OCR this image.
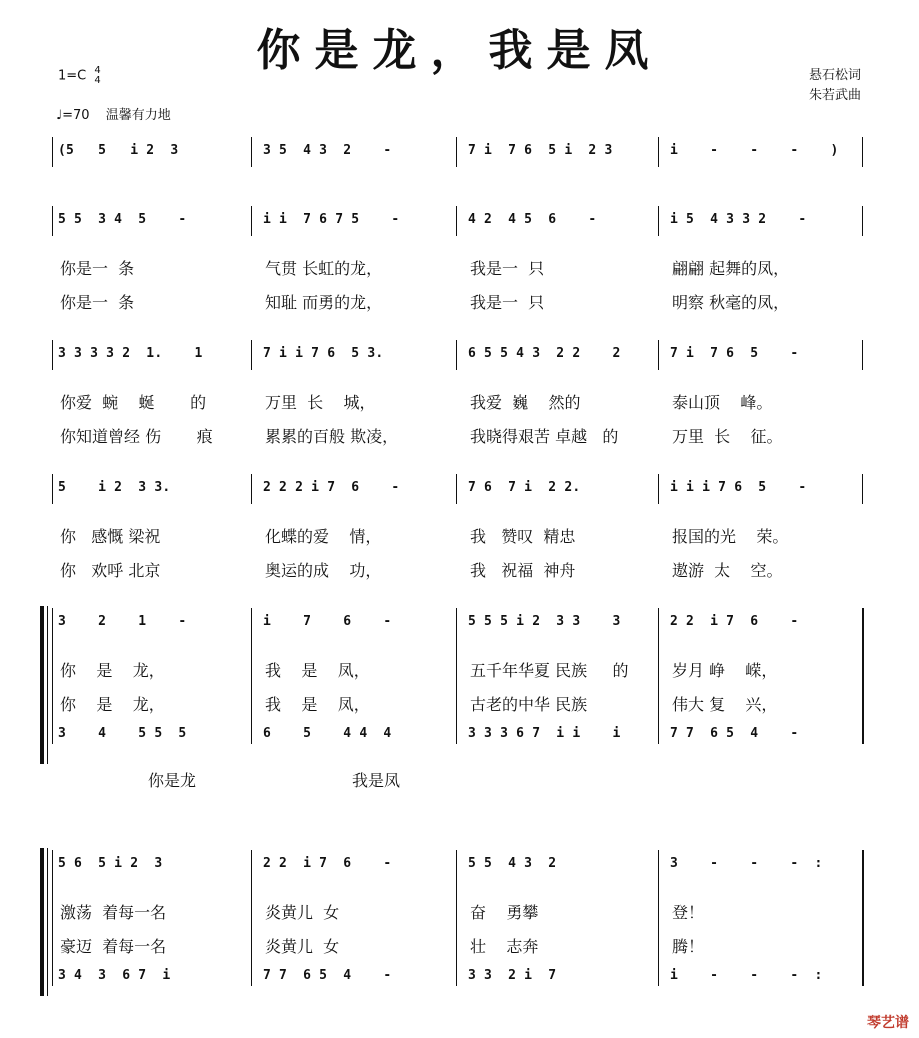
你是龙，我是凤
1=C 4
4
♩=70 温馨有力地
悬石松词
朱若武曲
(5   5   i 2  3	3 5  4 3  2    -	7 i  7 6  5 i  2 3	i    -    -    -    )
5 5  3 4  5    -	i i  7 6 7 5    -	4 2  4 5  6    -	i 5  4 3 3 2    -
你是一  条	气贯 长虹的龙，	我是一  只	翩翩 起舞的凤，
你是一  条	知耻 而勇的龙，	我是一  只	明察 秋毫的凤，
3 3 3 3 2  1.    1	7 i i 7 6  5 3.	6 5 5 4 3  2 2    2	7 i  7 6  5    -
你爱  蜿    蜒       的	万里  长    城，	我爱  巍    然的	泰山顶    峰。
你知道曾经 伤       痕	累累的百般 欺凌，	我晓得艰苦 卓越   的	万里  长    征。
5    i 2  3 3.	2 2 2 i 7  6    -	7 6  7 i  2 2.	i i i 7 6  5    -
你   感慨 梁祝	化蝶的爱    情，	我   赞叹  精忠	报国的光    荣。
你   欢呼 北京	奥运的成    功，	我   祝福  神舟	遨游  太    空。
3    2    1    -	i    7    6    -	5 5 5 i 2  3 3    3	2 2  i 7  6    -
你    是    龙，	我    是    凤，	五千年华夏 民族     的	岁月 峥    嵘，
你    是    龙，	我    是    凤，	古老的中华 民族	伟大 复    兴，
3    4    5 5  5	6    5    4 4  4	3 3 3 6 7  i i    i	7 7  6 5  4    -
你是龙	我是凤
5 6  5 i 2  3	2 2  i 7  6    -	5 5  4 3  2	3    -    -    -  :
激荡  着每一名	炎黄儿  女	奋    勇攀	登！
豪迈  着每一名	炎黄儿  女	壮    志奔	腾！
3 4  3  6 7  i	7 7  6 5  4    -	3 3  2 i  7	i    -    -    -  :
琴艺谱
